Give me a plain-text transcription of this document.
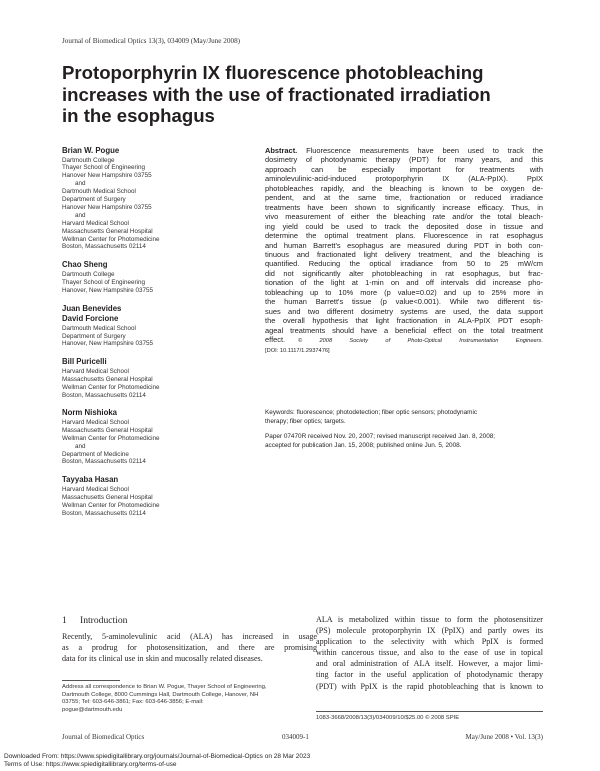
Journal of Biomedical Optics 13(3), 034009 (May/June 2008)
Protoporphyrin IX fluorescence photobleaching
increases with the use of fractionated irradiation
in the esophagus
Brian W. Pogue
Dartmouth College
Thayer School of Engineering
Hanover New Hampshire 03755
and
Dartmouth Medical School
Department of Surgery
Hanover New Hampshire 03755
and
Harvard Medical School
Massachusetts General Hospital
Wellman Center for Photomedicine
Boston, Massachusetts 02114
Chao Sheng
Dartmouth College
Thayer School of Engineering
Hanover, New Hampshire 03755
Juan Benevides
David Forcione
Dartmouth Medical School
Department of Surgery
Hanover, New Hampshire 03755
Bill Puricelli
Harvard Medical School
Massachusetts General Hospital
Wellman Center for Photomedicine
Boston, Massachusetts 02114
Norm Nishioka
Harvard Medical School
Massachusetts General Hospital
Wellman Center for Photomedicine
and
Department of Medicine
Boston, Massachusetts 02114
Tayyaba Hasan
Harvard Medical School
Massachusetts General Hospital
Wellman Center for Photomedicine
Boston, Massachusetts 02114
Abstract. Fluorescence measurements have been used to track the
dosimetry of photodynamic therapy (PDT) for many years, and this
approach can be especially important for treatments with
aminolevulinic-acid-induced protoporphyrin IX (ALA-PpIX). PpIX
photobleaches rapidly, and the bleaching is known to be oxygen de-
pendent, and at the same time, fractionation or reduced irradiance
treatments have been shown to significantly increase efficacy. Thus, in
vivo measurement of either the bleaching rate and/or the total bleach-
ing yield could be used to track the deposited dose in tissue and
determine the optimal treatment plans. Fluorescence in rat esophagus
and human Barrett's esophagus are measured during PDT in both con-
tinuous and fractionated light delivery treatment, and the bleaching is
quantified. Reducing the optical irradiance from 50 to 25 mW/cm
did not significantly alter photobleaching in rat esophagus, but frac-
tionation of the light at 1-min on and off intervals did increase pho-
tobleaching up to 10% more (p value=0.02) and up to 25% more in
the human Barrett's tissue (p value<0.001). While two different tis-
sues and two different dosimetry systems are used, the data support
the overall hypothesis that light fractionation in ALA-PpIX PDT esoph-
ageal treatments should have a beneficial effect on the total treatment
effect. © 2008 Society of Photo-Optical Instrumentation Engineers.
[DOI: 10.1117/1.2937476]
Keywords: fluorescence; photodetection; fiber optic sensors; photodynamic
therapy; fiber optics; targets.
Paper 07470R received Nov. 20, 2007; revised manuscript received Jan. 8, 2008;
accepted for publication Jan. 15, 2008; published online Jun. 5, 2008.
1 Introduction
Recently, 5-aminolevulinic acid (ALA) has increased in usage
as a prodrug for photosensitization, and there are promising
data for its clinical use in skin and mucosally related diseases.
ALA is metabolized within tissue to form the photosensitizer
(PS) molecule protoporphyrin IX (PpIX) and partly owes its
application to the selectivity with which PpIX is formed
within cancerous tissue, and also to the ease of use in topical
and oral administration of ALA itself. However, a major limi-
ting factor in the useful application of photodynamic therapy
(PDT) with PpIX is the rapid photobleaching that is known to
Address all correspondence to Brian W. Pogue, Thayer School of Engineering,
Dartmouth College, 8000 Cummings Hall, Dartmouth College, Hanover, NH
03755; Tel: 603-646-3861; Fax: 603-646-3856; E-mail:
pogue@dartmouth.edu
1083-3668/2008/13(3)/034009/10/$25.00 © 2008 SPIE
Journal of Biomedical Optics	034009-1	May/June 2008 • Vol. 13(3)
Downloaded From: https://www.spiedigitallibrary.org/journals/Journal-of-Biomedical-Optics on 28 Mar 2023
Terms of Use: https://www.spiedigitallibrary.org/terms-of-use
